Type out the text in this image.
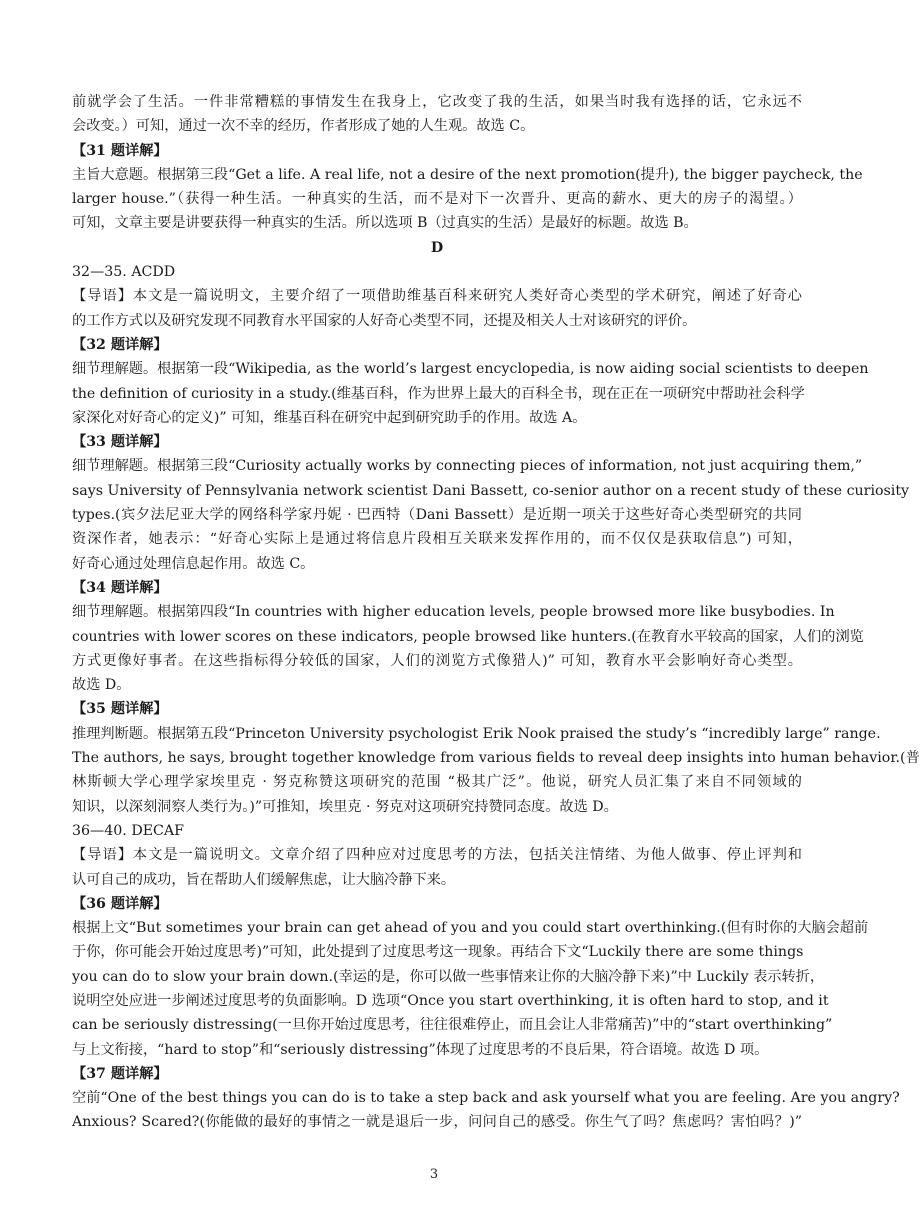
前就学会了生活。一件非常糟糕的事情发生在我身上，它改变了我的生活，如果当时我有选择的话，它永远不
会改变。）可知，通过一次不幸的经历，作者形成了她的人生观。故选 C。
【31 题详解】
主旨大意题。根据第三段“Get a life. A real life, not a desire of the next promotion(提升), the bigger paycheck, the
larger house.”（获得一种生活。一种真实的生活，而不是对下一次晋升、更高的薪水、更大的房子的渴望。）
可知，文章主要是讲要获得一种真实的生活。所以选项 B（过真实的生活）是最好的标题。故选 B。
D
32—35. ACDD
【导语】本文是一篇说明文，主要介绍了一项借助维基百科来研究人类好奇心类型的学术研究，阐述了好奇心
的工作方式以及研究发现不同教育水平国家的人好奇心类型不同，还提及相关人士对该研究的评价。
【32 题详解】
细节理解题。根据第一段“Wikipedia, as the world’s largest encyclopedia, is now aiding social scientists to deepen
the definition of curiosity in a study.(维基百科，作为世界上最大的百科全书，现在正在一项研究中帮助社会科学
家深化对好奇心的定义)” 可知，维基百科在研究中起到研究助手的作用。故选 A。
【33 题详解】
细节理解题。根据第三段“Curiosity actually works by connecting pieces of information, not just acquiring them,”
says University of Pennsylvania network scientist Dani Bassett, co-senior author on a recent study of these curiosity
types.(宾夕法尼亚大学的网络科学家丹妮 · 巴西特（Dani Bassett）是近期一项关于这些好奇心类型研究的共同
资深作者，她表示：“好奇心实际上是通过将信息片段相互关联来发挥作用的，而不仅仅是获取信息”) 可知，
好奇心通过处理信息起作用。故选 C。
【34 题详解】
细节理解题。根据第四段“In countries with higher education levels, people browsed more like busybodies. In
countries with lower scores on these indicators, people browsed like hunters.(在教育水平较高的国家，人们的浏览
方式更像好事者。在这些指标得分较低的国家，人们的浏览方式像猎人)” 可知，教育水平会影响好奇心类型。
故选 D。
【35 题详解】
推理判断题。根据第五段“Princeton University psychologist Erik Nook praised the study’s “incredibly large” range.
The authors, he says, brought together knowledge from various fields to reveal deep insights into human behavior.(普
林斯顿大学心理学家埃里克 · 努克称赞这项研究的范围 “极其广泛”。他说，研究人员汇集了来自不同领域的
知识，以深刻洞察人类行为。)”可推知，埃里克 · 努克对这项研究持赞同态度。故选 D。
36—40. DECAF
【导语】本文是一篇说明文。文章介绍了四种应对过度思考的方法，包括关注情绪、为他人做事、停止评判和
认可自己的成功，旨在帮助人们缓解焦虑，让大脑冷静下来。
【36 题详解】
根据上文“But sometimes your brain can get ahead of you and you could start overthinking.(但有时你的大脑会超前
于你，你可能会开始过度思考)”可知，此处提到了过度思考这一现象。再结合下文“Luckily there are some things
you can do to slow your brain down.(幸运的是，你可以做一些事情来让你的大脑冷静下来)”中 Luckily 表示转折，
说明空处应进一步阐述过度思考的负面影响。D 选项“Once you start overthinking, it is often hard to stop, and it
can be seriously distressing(一旦你开始过度思考，往往很难停止，而且会让人非常痛苦)”中的“start overthinking”
与上文衔接，“hard to stop”和“seriously distressing”体现了过度思考的不良后果，符合语境。故选 D 项。
【37 题详解】
空前“One of the best things you can do is to take a step back and ask yourself what you are feeling. Are you angry?
Anxious? Scared?(你能做的最好的事情之一就是退后一步，问问自己的感受。你生气了吗？焦虑吗？害怕吗？)”
3
